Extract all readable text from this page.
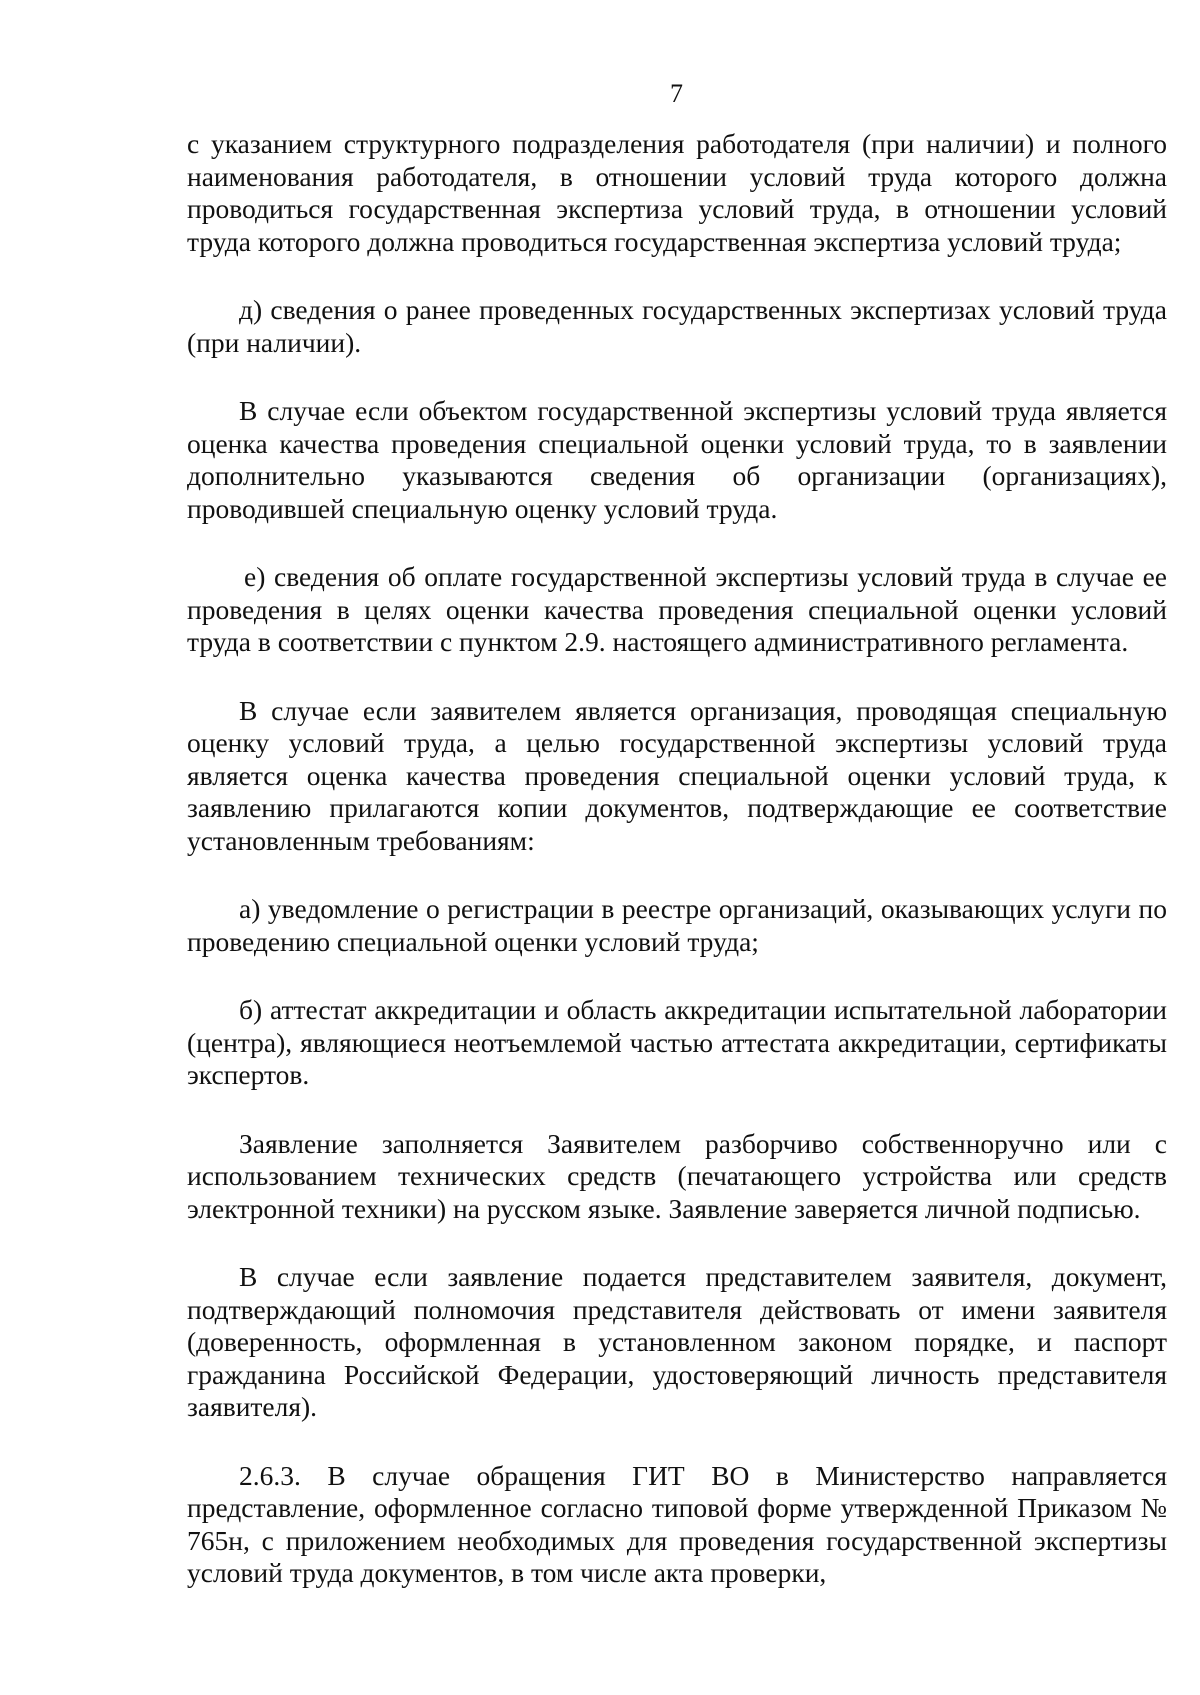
7

с указанием структурного подразделения работодателя (при наличии) и полного наименования работодателя, в отношении условий труда которого должна проводиться государственная экспертиза условий труда, в отношении условий труда которого должна проводиться государственная экспертиза условий труда;

д) сведения о ранее проведенных государственных экспертизах условий труда (при наличии).

В случае если объектом государственной экспертизы условий труда является оценка качества проведения специальной оценки условий труда, то в заявлении дополнительно указываются сведения об организации (организациях), проводившей специальную оценку условий труда.

е) сведения об оплате государственной экспертизы условий труда в случае ее проведения в целях оценки качества проведения специальной оценки условий труда в соответствии с пунктом 2.9. настоящего административного регламента.

В случае если заявителем является организация, проводящая специальную оценку условий труда, а целью государственной экспертизы условий труда является оценка качества проведения специальной оценки условий труда, к заявлению прилагаются копии документов, подтверждающие ее соответствие установленным требованиям:

а) уведомление о регистрации в реестре организаций, оказывающих услуги по проведению специальной оценки условий труда;

б) аттестат аккредитации и область аккредитации испытательной лаборатории (центра), являющиеся неотъемлемой частью аттестата аккредитации, сертификаты экспертов.

Заявление заполняется Заявителем разборчиво собственноручно или с использованием технических средств (печатающего устройства или средств электронной техники) на русском языке. Заявление заверяется личной подписью.

В случае если заявление подается представителем заявителя, документ, подтверждающий полномочия представителя действовать от имени заявителя (доверенность, оформленная в установленном законом порядке, и паспорт гражданина Российской Федерации, удостоверяющий личность представителя заявителя).

2.6.3. В случае обращения ГИТ ВО в Министерство направляется представление, оформленное согласно типовой форме утвержденной Приказом № 765н, с приложением необходимых для проведения государственной экспертизы условий труда документов, в том числе акта проверки,
